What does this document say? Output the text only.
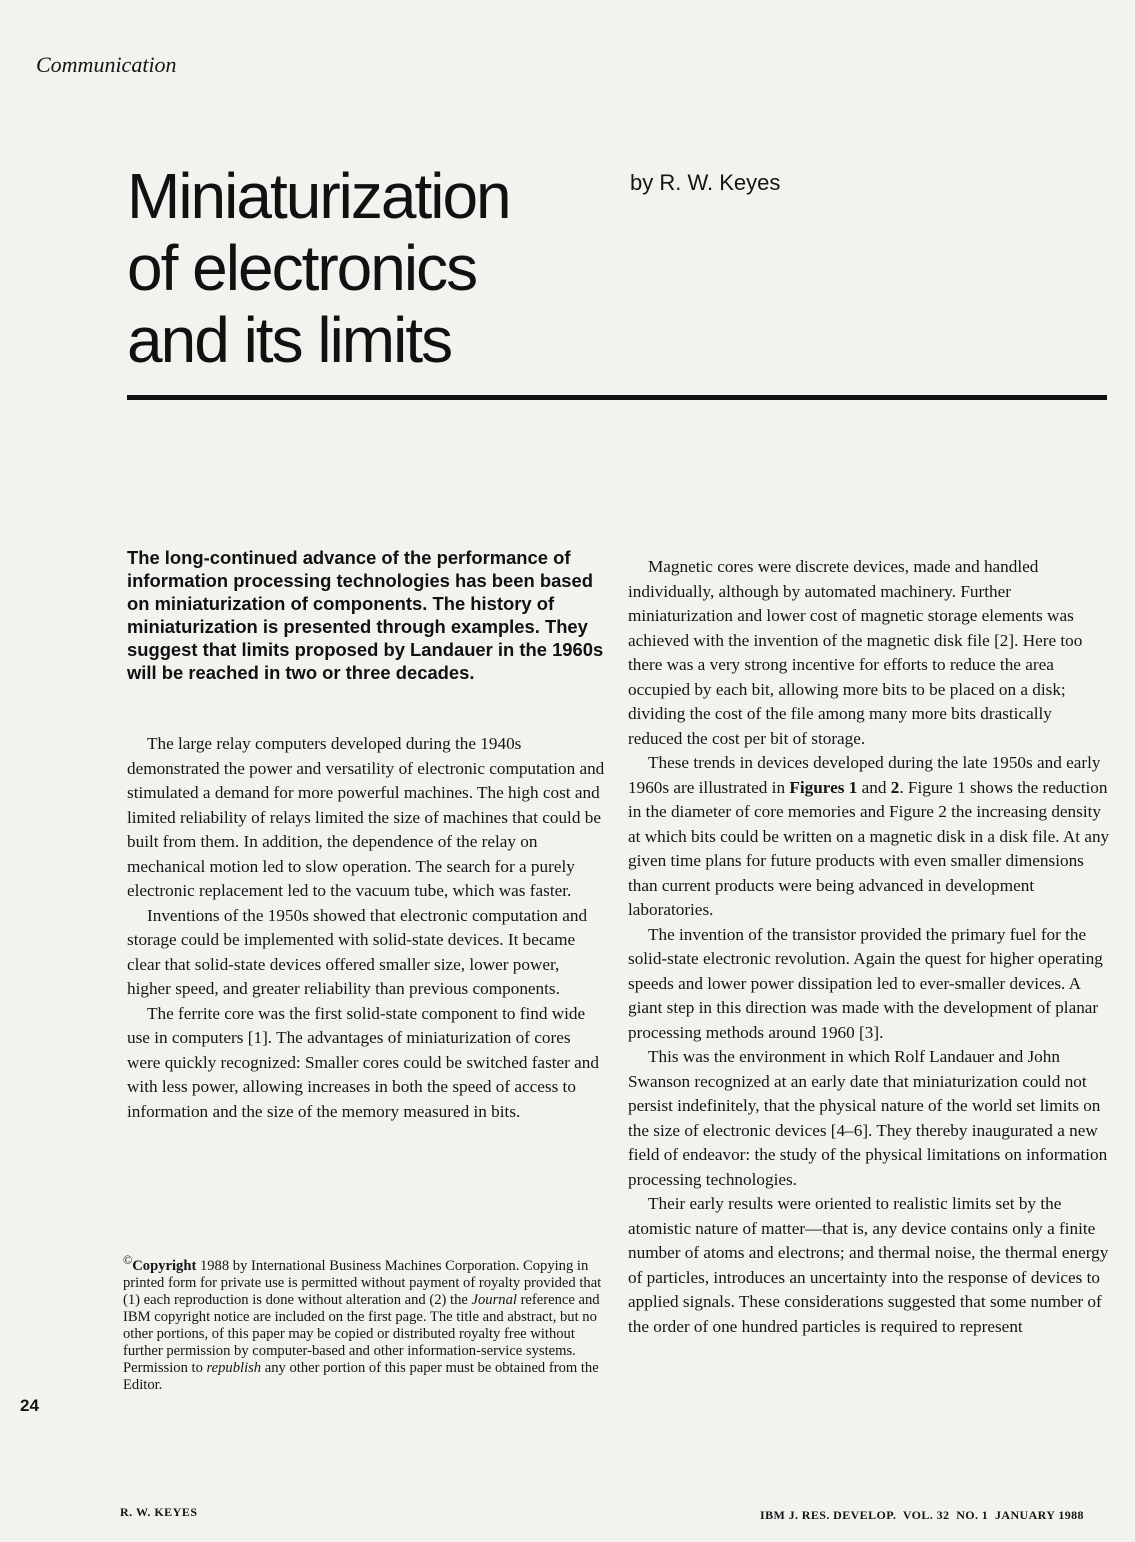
Communication
Miniaturization
of electronics
and its limits
by R. W. Keyes

The long-continued advance of the performance of information processing technologies has been based on miniaturization of components. The history of miniaturization is presented through examples. They suggest that limits proposed by Landauer in the 1960s will be reached in two or three decades.

The large relay computers developed during the 1940s demonstrated the power and versatility of electronic computation and stimulated a demand for more powerful machines. The high cost and limited reliability of relays limited the size of machines that could be built from them. In addition, the dependence of the relay on mechanical motion led to slow operation. The search for a purely electronic replacement led to the vacuum tube, which was faster.

Inventions of the 1950s showed that electronic computation and storage could be implemented with solid-state devices. It became clear that solid-state devices offered smaller size, lower power, higher speed, and greater reliability than previous components.

The ferrite core was the first solid-state component to find wide use in computers [1]. The advantages of miniaturization of cores were quickly recognized: Smaller cores could be switched faster and with less power, allowing increases in both the speed of access to information and the size of the memory measured in bits.

©Copyright 1988 by International Business Machines Corporation. Copying in printed form for private use is permitted without payment of royalty provided that (1) each reproduction is done without alteration and (2) the Journal reference and IBM copyright notice are included on the first page. The title and abstract, but no other portions, of this paper may be copied or distributed royalty free without further permission by computer-based and other information-service systems. Permission to republish any other portion of this paper must be obtained from the Editor.

Magnetic cores were discrete devices, made and handled individually, although by automated machinery. Further miniaturization and lower cost of magnetic storage elements was achieved with the invention of the magnetic disk file [2]. Here too there was a very strong incentive for efforts to reduce the area occupied by each bit, allowing more bits to be placed on a disk; dividing the cost of the file among many more bits drastically reduced the cost per bit of storage.

These trends in devices developed during the late 1950s and early 1960s are illustrated in Figures 1 and 2. Figure 1 shows the reduction in the diameter of core memories and Figure 2 the increasing density at which bits could be written on a magnetic disk in a disk file. At any given time plans for future products with even smaller dimensions than current products were being advanced in development laboratories.

The invention of the transistor provided the primary fuel for the solid-state electronic revolution. Again the quest for higher operating speeds and lower power dissipation led to ever-smaller devices. A giant step in this direction was made with the development of planar processing methods around 1960 [3].

This was the environment in which Rolf Landauer and John Swanson recognized at an early date that miniaturization could not persist indefinitely, that the physical nature of the world set limits on the size of electronic devices [4–6]. They thereby inaugurated a new field of endeavor: the study of the physical limitations on information processing technologies.

Their early results were oriented to realistic limits set by the atomistic nature of matter—that is, any device contains only a finite number of atoms and electrons; and thermal noise, the thermal energy of particles, introduces an uncertainty into the response of devices to applied signals. These considerations suggested that some number of the order of one hundred particles is required to represent

24
R. W. KEYES	IBM J. RES. DEVELOP.  VOL. 32  NO. 1  JANUARY 1988
